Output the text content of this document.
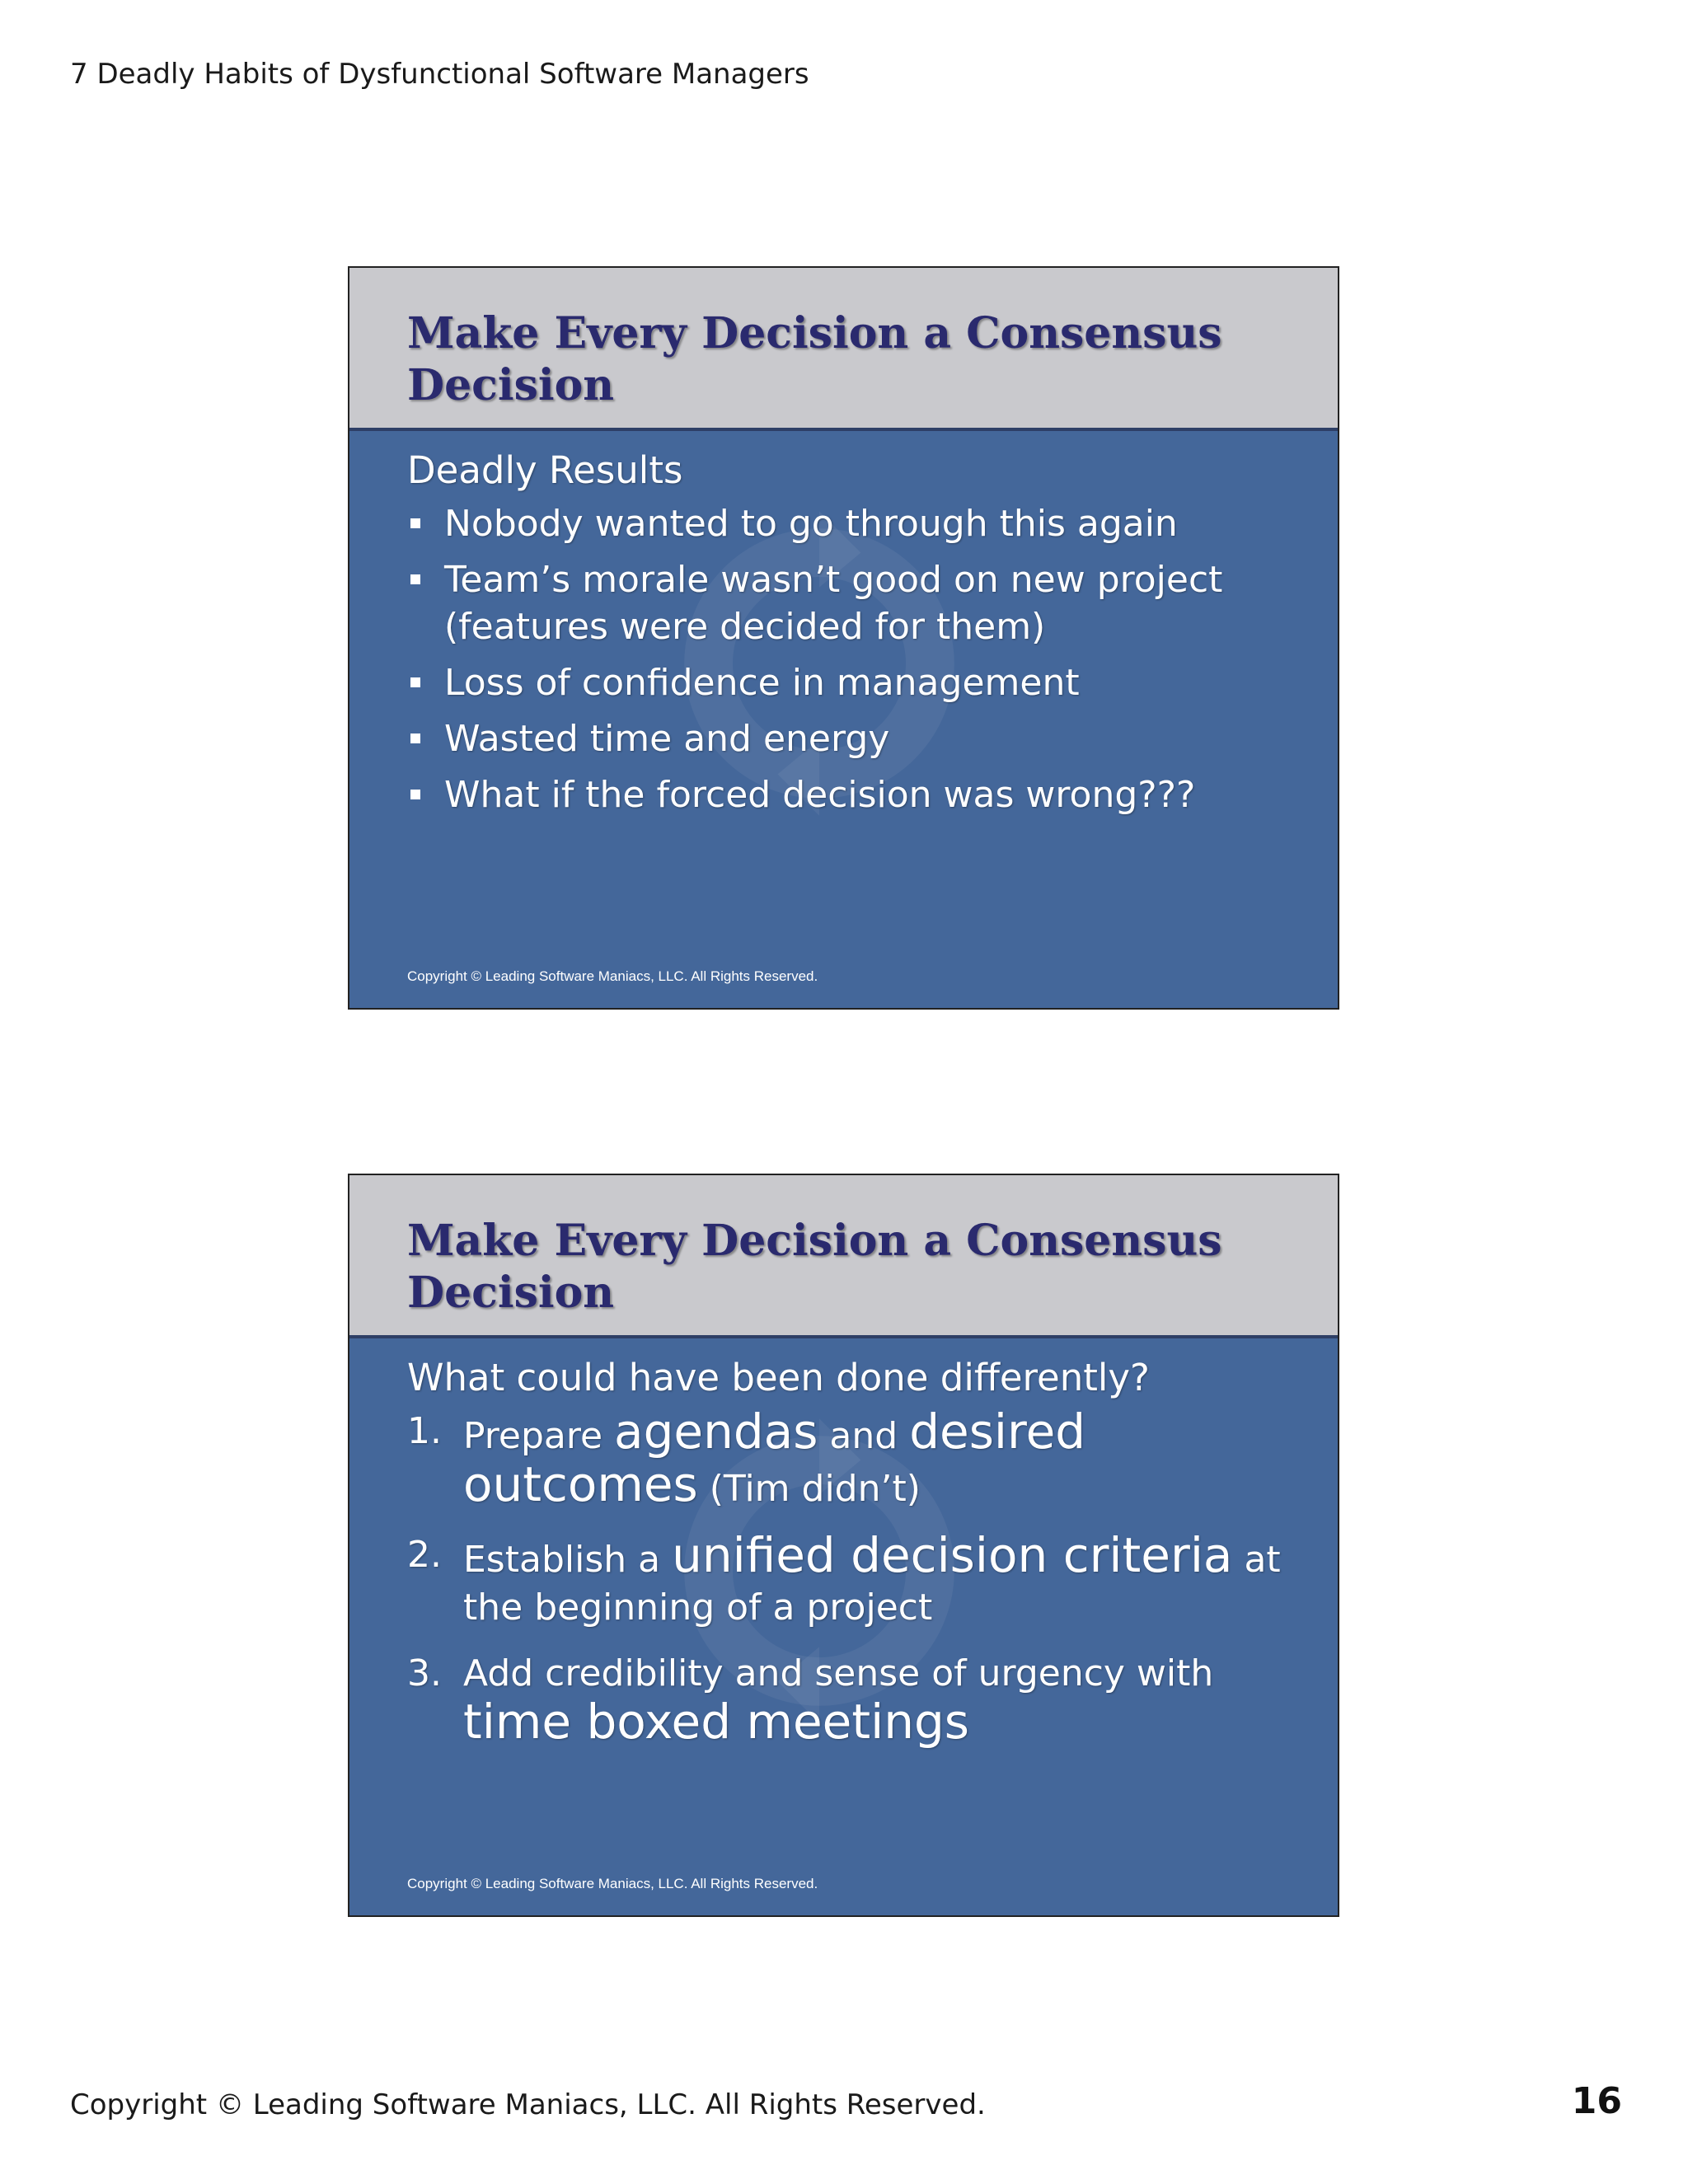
7 Deadly Habits of Dysfunctional Software Managers
Make Every Decision a Consensus Decision
Deadly Results
Nobody wanted to go through this again
Team’s morale wasn’t good on new project (features were decided for them)
Loss of confidence in management
Wasted time and energy
What if the forced decision was wrong???
Copyright © Leading Software Maniacs, LLC. All Rights Reserved.
Make Every Decision a Consensus Decision
What could have been done differently?
1. Prepare agendas and desired outcomes (Tim didn’t)
2. Establish a unified decision criteria at the beginning of a project
3. Add credibility and sense of urgency with time boxed meetings
Copyright © Leading Software Maniacs, LLC. All Rights Reserved.
Copyright © Leading Software Maniacs, LLC. All Rights Reserved.	16
